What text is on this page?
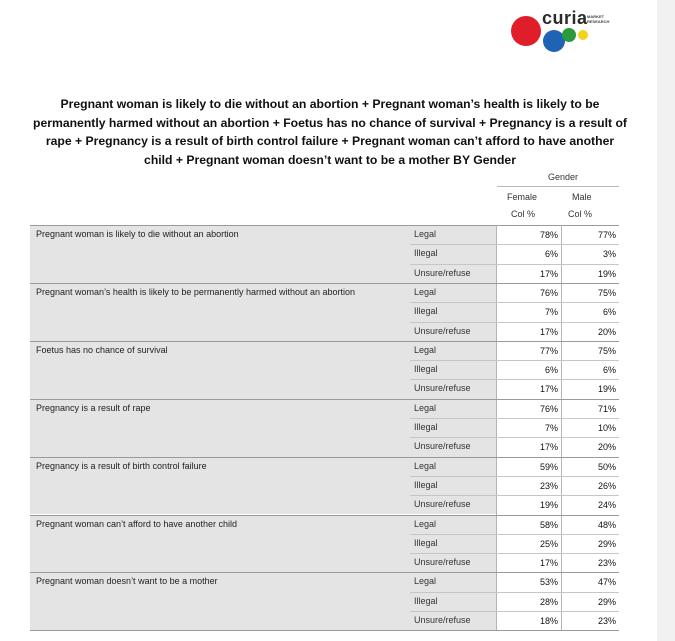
curia MARKET RESEARCH
Pregnant woman is likely to die without an abortion + Pregnant woman’s health is likely to be permanently harmed without an abortion + Foetus has no chance of survival + Pregnancy is a result of rape + Pregnancy is a result of birth control failure + Pregnant woman can’t afford to have another child + Pregnant woman doesn’t want to be a mother BY Gender
Gender
Female	Male
Col %	Col %
Pregnant woman is likely to die without an abortion	Legal	78%	77%
Illegal	6%	3%
Unsure/refuse	17%	19%
Pregnant woman’s health is likely to be permanently harmed without an abortion	Legal	76%	75%
Illegal	7%	6%
Unsure/refuse	17%	20%
Foetus has no chance of survival	Legal	77%	75%
Illegal	6%	6%
Unsure/refuse	17%	19%
Pregnancy is a result of rape	Legal	76%	71%
Illegal	7%	10%
Unsure/refuse	17%	20%
Pregnancy is a result of birth control failure	Legal	59%	50%
Illegal	23%	26%
Unsure/refuse	19%	24%
Pregnant woman can’t afford to have another child	Legal	58%	48%
Illegal	25%	29%
Unsure/refuse	17%	23%
Pregnant woman doesn’t want to be a mother	Legal	53%	47%
Illegal	28%	29%
Unsure/refuse	18%	23%
